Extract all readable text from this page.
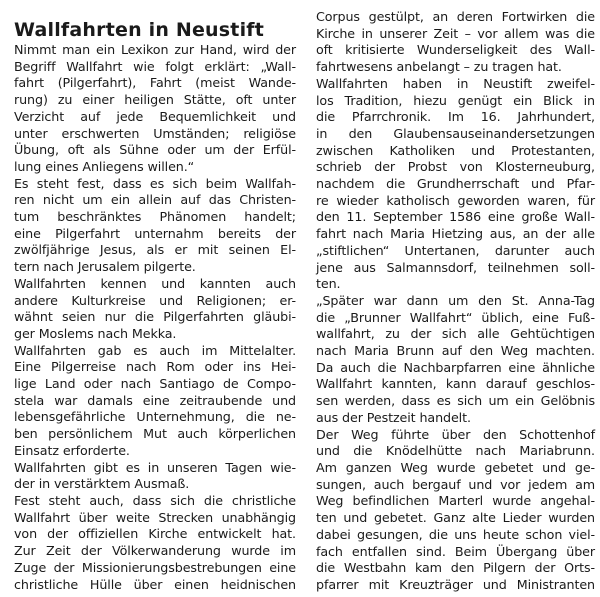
Wallfahrten in Neustift
Nimmt man ein Lexikon zur Hand, wird der
Begriff Wallfahrt wie folgt erklärt: „Wall-
fahrt (Pilgerfahrt), Fahrt (meist Wande-
rung) zu einer heiligen Stätte, oft unter
Verzicht auf jede Bequemlichkeit und
unter erschwerten Umständen; religiöse
Übung, oft als Sühne oder um der Erfül-
lung eines Anliegens willen.“
Es steht fest, dass es sich beim Wallfah-
ren nicht um ein allein auf das Christen-
tum beschränktes Phänomen handelt;
eine Pilgerfahrt unternahm bereits der
zwölfjährige Jesus, als er mit seinen El-
tern nach Jerusalem pilgerte.
Wallfahrten kennen und kannten auch
andere Kulturkreise und Religionen; er-
wähnt seien nur die Pilgerfahrten gläubi-
ger Moslems nach Mekka.
Wallfahrten gab es auch im Mittelalter.
Eine Pilgerreise nach Rom oder ins Hei-
lige Land oder nach Santiago de Compo-
stela war damals eine zeitraubende und
lebensgefährliche Unternehmung, die ne-
ben persönlichem Mut auch körperlichen
Einsatz erforderte.
Wallfahrten gibt es in unseren Tagen wie-
der in verstärktem Ausmaß.
Fest steht auch, dass sich die christliche
Wallfahrt über weite Strecken unabhängig
von der offiziellen Kirche entwickelt hat.
Zur Zeit der Völkerwanderung wurde im
Zuge der Missionierungsbestrebungen eine
christliche Hülle über einen heidnischen
Corpus gestülpt, an deren Fortwirken die
Kirche in unserer Zeit – vor allem was die
oft kritisierte Wunderseligkeit des Wall-
fahrtwesens anbelangt – zu tragen hat.
Wallfahrten haben in Neustift zweifel-
los Tradition, hiezu genügt ein Blick in
die Pfarrchronik. Im 16. Jahrhundert,
in den Glaubensauseinandersetzungen
zwischen Katholiken und Protestanten,
schrieb der Probst von Klosterneuburg,
nachdem die Grundherrschaft und Pfar-
re wieder katholisch geworden waren, für
den 11. September 1586 eine große Wall-
fahrt nach Maria Hietzing aus, an der alle
„stiftlichen“ Untertanen, darunter auch
jene aus Salmannsdorf, teilnehmen soll-
ten.
„Später war dann um den St. Anna-Tag
die „Brunner Wallfahrt“ üblich, eine Fuß-
wallfahrt, zu der sich alle Gehtüchtigen
nach Maria Brunn auf den Weg machten.
Da auch die Nachbarpfarren eine ähnliche
Wallfahrt kannten, kann darauf geschlos-
sen werden, dass es sich um ein Gelöbnis
aus der Pestzeit handelt.
Der Weg führte über den Schottenhof
und die Knödelhütte nach Mariabrunn.
Am ganzen Weg wurde gebetet und ge-
sungen, auch bergauf und vor jedem am
Weg befindlichen Marterl wurde angehal-
ten und gebetet. Ganz alte Lieder wurden
dabei gesungen, die uns heute schon viel-
fach entfallen sind. Beim Übergang über
die Westbahn kam den Pilgern der Orts-
pfarrer mit Kreuzträger und Ministranten
